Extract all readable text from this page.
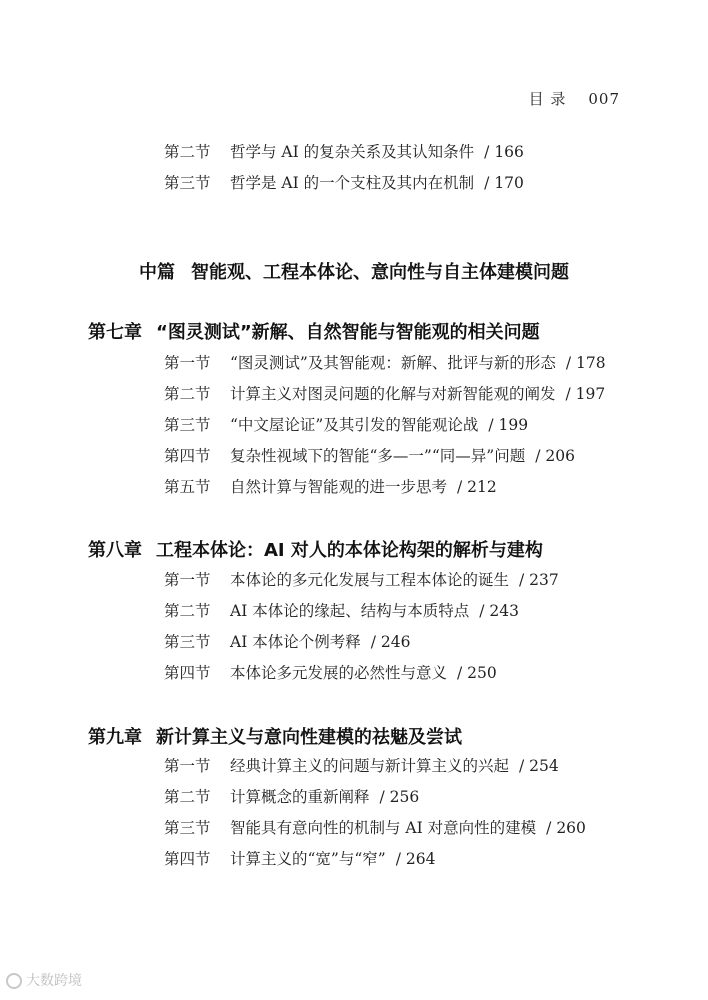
目 录 007
第二节 哲学与 AI 的复杂关系及其认知条件 / 166
第三节 哲学是 AI 的一个支柱及其内在机制 / 170
中篇 智能观、工程本体论、意向性与自主体建模问题
第七章 “图灵测试”新解、自然智能与智能观的相关问题
第一节 “图灵测试”及其智能观：新解、批评与新的形态 / 178
第二节 计算主义对图灵问题的化解与对新智能观的阐发 / 197
第三节 “中文屋论证”及其引发的智能观论战 / 199
第四节 复杂性视域下的智能“多—一”“同—异”问题 / 206
第五节 自然计算与智能观的进一步思考 / 212
第八章 工程本体论：AI 对人的本体论构架的解析与建构
第一节 本体论的多元化发展与工程本体论的诞生 / 237
第二节 AI 本体论的缘起、结构与本质特点 / 243
第三节 AI 本体论个例考释 / 246
第四节 本体论多元发展的必然性与意义 / 250
第九章 新计算主义与意向性建模的祛魅及尝试
第一节 经典计算主义的问题与新计算主义的兴起 / 254
第二节 计算概念的重新阐释 / 256
第三节 智能具有意向性的机制与 AI 对意向性的建模 / 260
第四节 计算主义的“宽”与“窄” / 264
大数跨境
